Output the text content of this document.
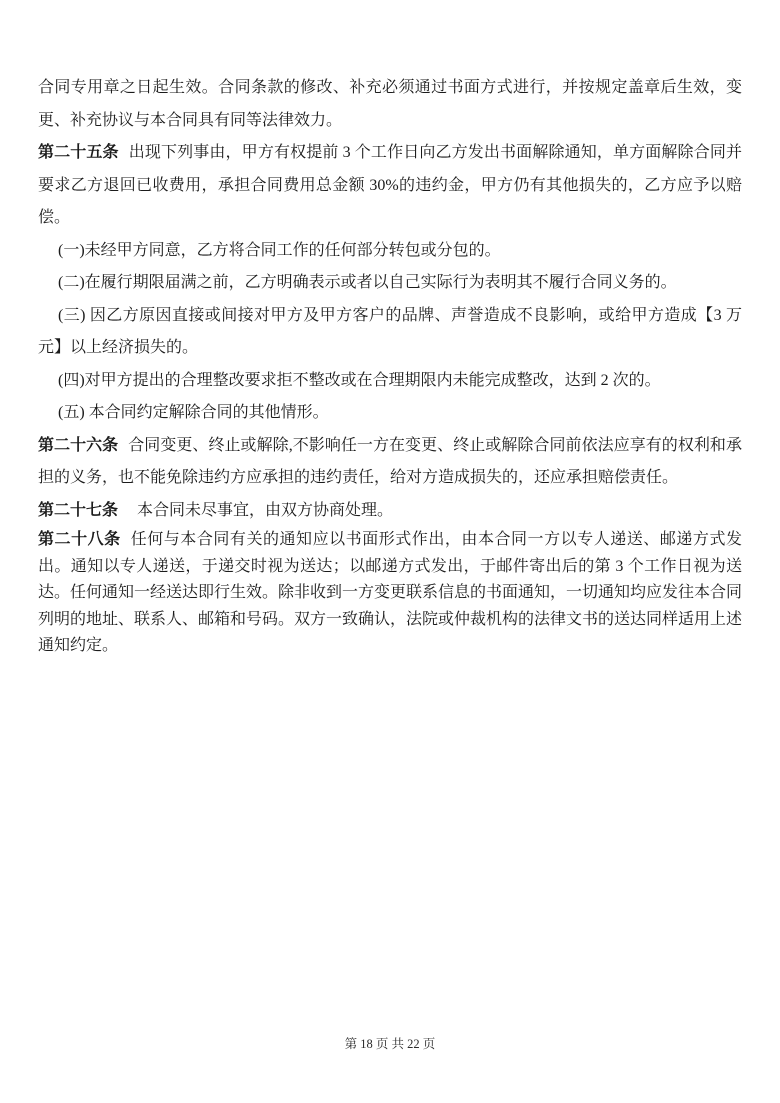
合同专用章之日起生效。合同条款的修改、补充必须通过书面方式进行，并按规定盖章后生效，变更、补充协议与本合同具有同等法律效力。

第二十五条 出现下列事由，甲方有权提前 3 个工作日向乙方发出书面解除通知，单方面解除合同并要求乙方退回已收费用，承担合同费用总金额 30%的违约金，甲方仍有其他损失的，乙方应予以赔偿。

(一)未经甲方同意，乙方将合同工作的任何部分转包或分包的。

(二)在履行期限届满之前，乙方明确表示或者以自己实际行为表明其不履行合同义务的。

(三) 因乙方原因直接或间接对甲方及甲方客户的品牌、声誉造成不良影响，或给甲方造成【3 万元】以上经济损失的。

(四)对甲方提出的合理整改要求拒不整改或在合理期限内未能完成整改，达到 2 次的。

(五) 本合同约定解除合同的其他情形。

第二十六条 合同变更、终止或解除,不影响任一方在变更、终止或解除合同前依法应享有的权利和承担的义务，也不能免除违约方应承担的违约责任，给对方造成损失的，还应承担赔偿责任。

第二十七条 本合同未尽事宜，由双方协商处理。

第二十八条 任何与本合同有关的通知应以书面形式作出，由本合同一方以专人递送、邮递方式发出。通知以专人递送，于递交时视为送达；以邮递方式发出，于邮件寄出后的第 3 个工作日视为送达。任何通知一经送达即行生效。除非收到一方变更联系信息的书面通知，一切通知均应发往本合同列明的地址、联系人、邮箱和号码。双方一致确认，法院或仲裁机构的法律文书的送达同样适用上述通知约定。

第 18 页 共 22 页
